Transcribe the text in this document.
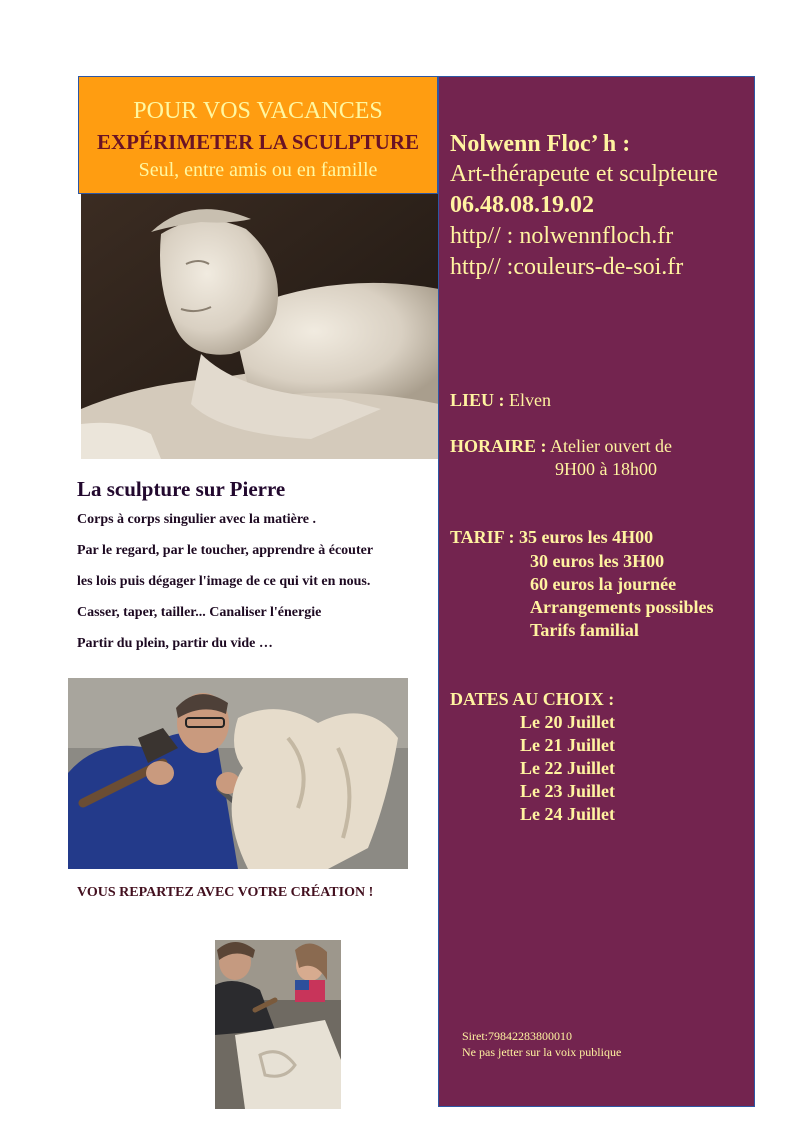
POUR VOS VACANCES
EXPÉRIMETER LA SCULPTURE
Seul, entre amis ou en famille
La sculpture sur Pierre
Corps à corps singulier avec la matière .
Par le regard, par le toucher, apprendre à écouter
les lois puis dégager l'image de ce qui vit en nous.
Casser, taper, tailler... Canaliser l'énergie
Partir du plein, partir du vide …
VOUS REPARTEZ AVEC VOTRE CRÉATION !
Nolwenn Floc’ h :
Art-thérapeute et sculpteure
06.48.08.19.02
http// : nolwennfloch.fr
http// :couleurs-de-soi.fr
LIEU : Elven
HORAIRE : Atelier ouvert de
9H00 à 18h00
TARIF : 35 euros les 4H00
30 euros les 3H00
60 euros la journée
Arrangements possibles
Tarifs familial
DATES AU CHOIX :
Le 20 Juillet
Le 21 Juillet
Le 22 Juillet
Le 23 Juillet
Le 24 Juillet
Siret:79842283800010
Ne pas jetter sur la voix publique
